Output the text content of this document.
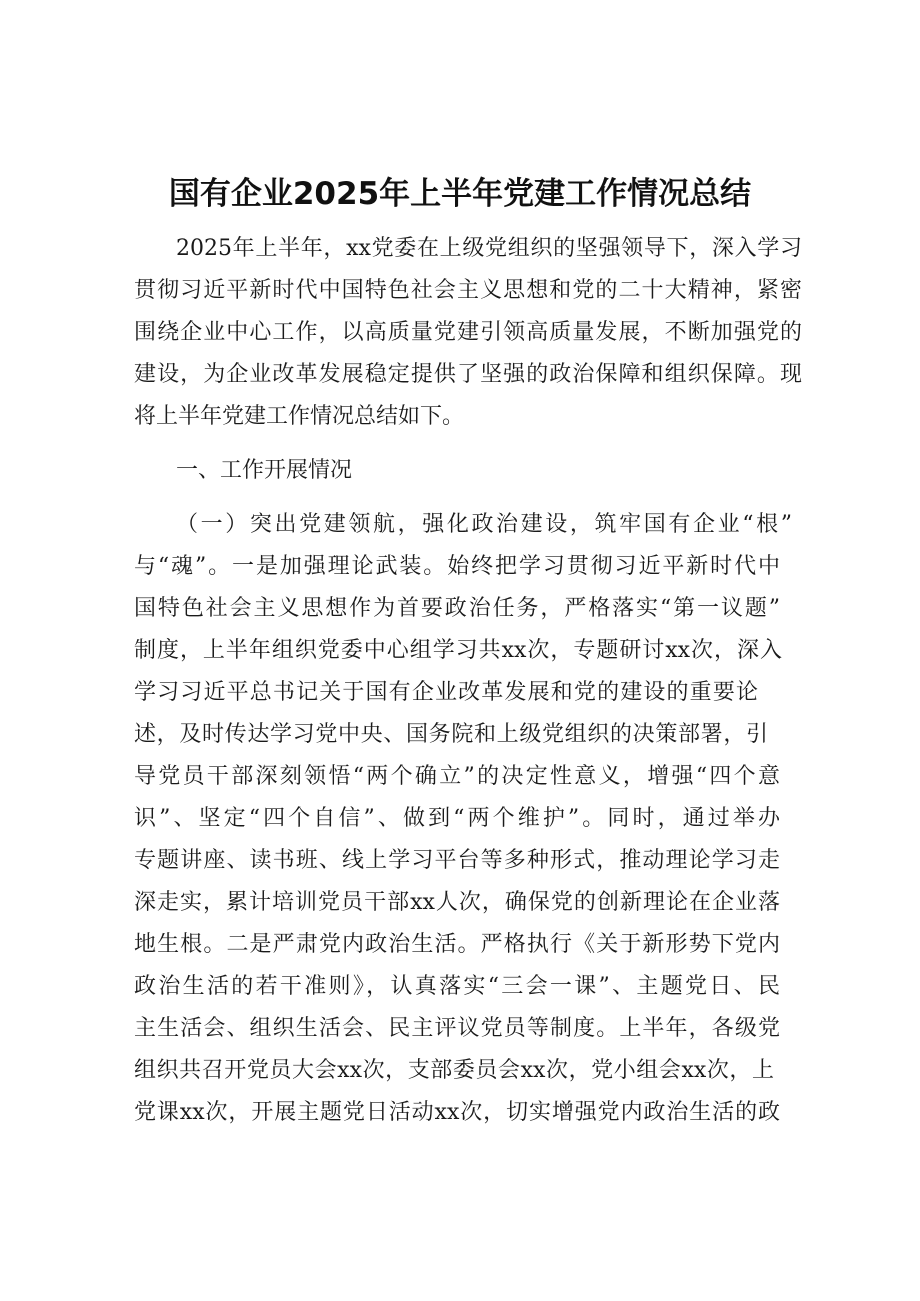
国有企业2025年上半年党建工作情况总结
2025年上半年，xx党委在上级党组织的坚强领导下，深入学习
贯彻习近平新时代中国特色社会主义思想和党的二十大精神，紧密
围绕企业中心工作，以高质量党建引领高质量发展，不断加强党的
建设，为企业改革发展稳定提供了坚强的政治保障和组织保障。现
将上半年党建工作情况总结如下。
一、工作开展情况
（一）突出党建领航，强化政治建设，筑牢国有企业“根”
与“魂”。一是加强理论武装。始终把学习贯彻习近平新时代中
国特色社会主义思想作为首要政治任务，严格落实“第一议题”
制度，上半年组织党委中心组学习共xx次，专题研讨xx次，深入
学习习近平总书记关于国有企业改革发展和党的建设的重要论
述，及时传达学习党中央、国务院和上级党组织的决策部署，引
导党员干部深刻领悟“两个确立”的决定性意义，增强“四个意
识”、坚定“四个自信”、做到“两个维护”。同时，通过举办
专题讲座、读书班、线上学习平台等多种形式，推动理论学习走
深走实，累计培训党员干部xx人次，确保党的创新理论在企业落
地生根。二是严肃党内政治生活。严格执行《关于新形势下党内
政治生活的若干准则》，认真落实“三会一课”、主题党日、民
主生活会、组织生活会、民主评议党员等制度。上半年，各级党
组织共召开党员大会xx次，支部委员会xx次，党小组会xx次，上
党课xx次，开展主题党日活动xx次，切实增强党内政治生活的政
